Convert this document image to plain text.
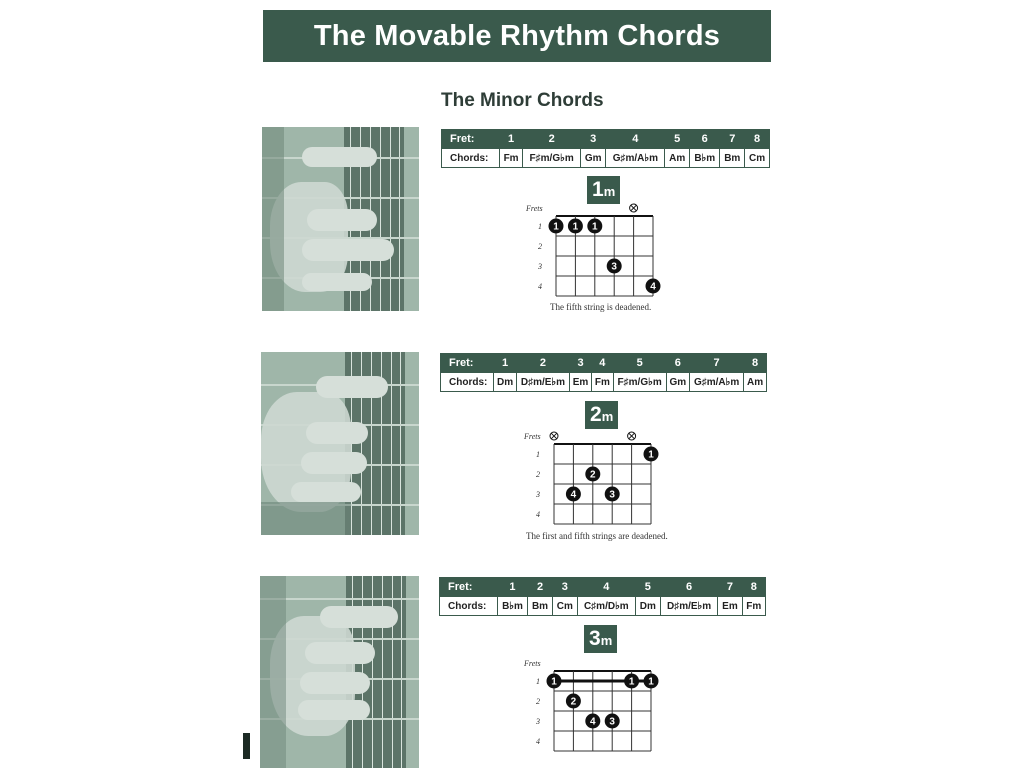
The Movable Rhythm Chords
The Minor Chords
Fret:	1	2	3	4	5	6	7	8
Chords:	Fm	F♯m/G♭m	Gm	G♯m/A♭m	Am	B♭m	Bm	Cm
1m
Frets
1
2
3
4
1 1 1
3
4
The fifth string is deadened.
Fret:	1	2	3	4	5	6	7	8
Chords:	Dm	D♯m/E♭m	Em	Fm	F♯m/G♭m	Gm	G♯m/A♭m	Am
2m
Frets
1
2
3
4
1
2
4	3
The first and fifth strings are deadened.
Fret:	1	2	3	4	5	6	7	8
Chords:	B♭m	Bm	Cm	C♯m/D♭m	Dm	D♯m/E♭m	Em	Fm
3m
Frets
1
2
3
4
1	1 1
2
4 3
